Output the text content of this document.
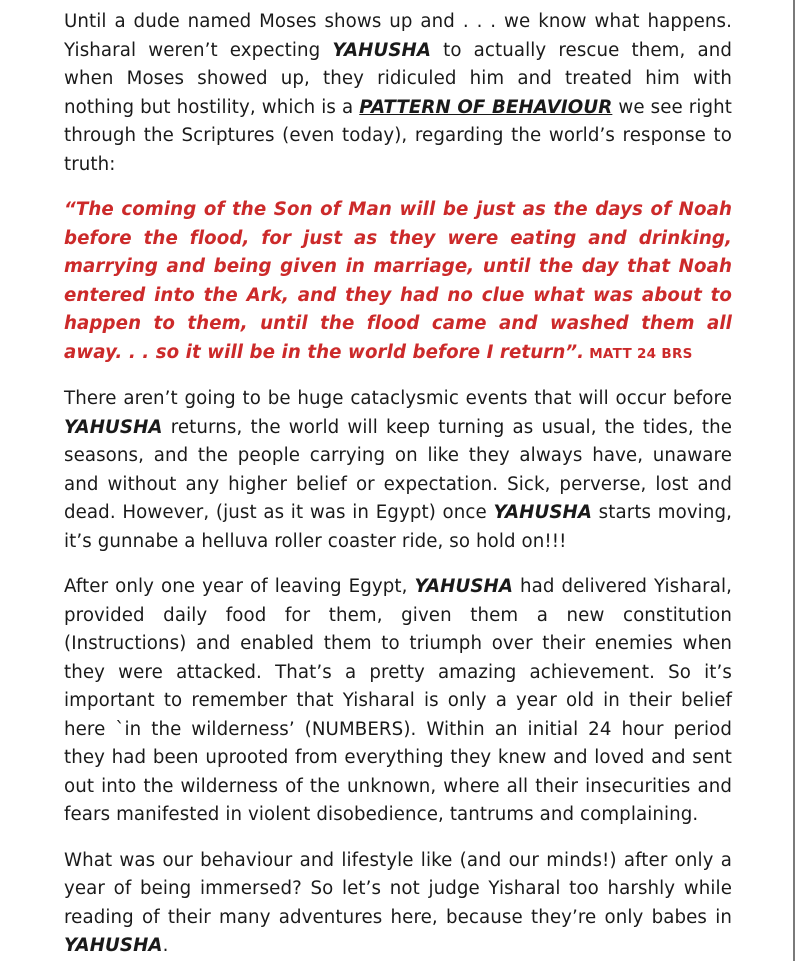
Until a dude named Moses shows up and . . . we know what happens. Yisharal weren’t expecting YAHUSHA to actually rescue them, and when Moses showed up, they ridiculed him and treated him with nothing but hostility, which is a PATTERN OF BEHAVIOUR we see right through the Scriptures (even today), regarding the world’s response to truth:

“The coming of the Son of Man will be just as the days of Noah before the flood, for just as they were eating and drinking, marrying and being given in marriage, until the day that Noah entered into the Ark, and they had no clue what was about to happen to them, until the flood came and washed them all away. . . so it will be in the world before I return”. MATT 24 BRS

There aren’t going to be huge cataclysmic events that will occur before YAHUSHA returns, the world will keep turning as usual, the tides, the seasons, and the people carrying on like they always have, unaware and without any higher belief or expectation. Sick, perverse, lost and dead. However, (just as it was in Egypt) once YAHUSHA starts moving, it’s gunnabe a helluva roller coaster ride, so hold on!!!

After only one year of leaving Egypt, YAHUSHA had delivered Yisharal, provided daily food for them, given them a new constitution (Instructions) and enabled them to triumph over their enemies when they were attacked. That’s a pretty amazing achievement. So it’s important to remember that Yisharal is only a year old in their belief here `in the wilderness’ (NUMBERS). Within an initial 24 hour period they had been uprooted from everything they knew and loved and sent out into the wilderness of the unknown, where all their insecurities and fears manifested in violent disobedience, tantrums and complaining.

What was our behaviour and lifestyle like (and our minds!) after only a year of being immersed? So let’s not judge Yisharal too harshly while reading of their many adventures here, because they’re only babes in YAHUSHA.
